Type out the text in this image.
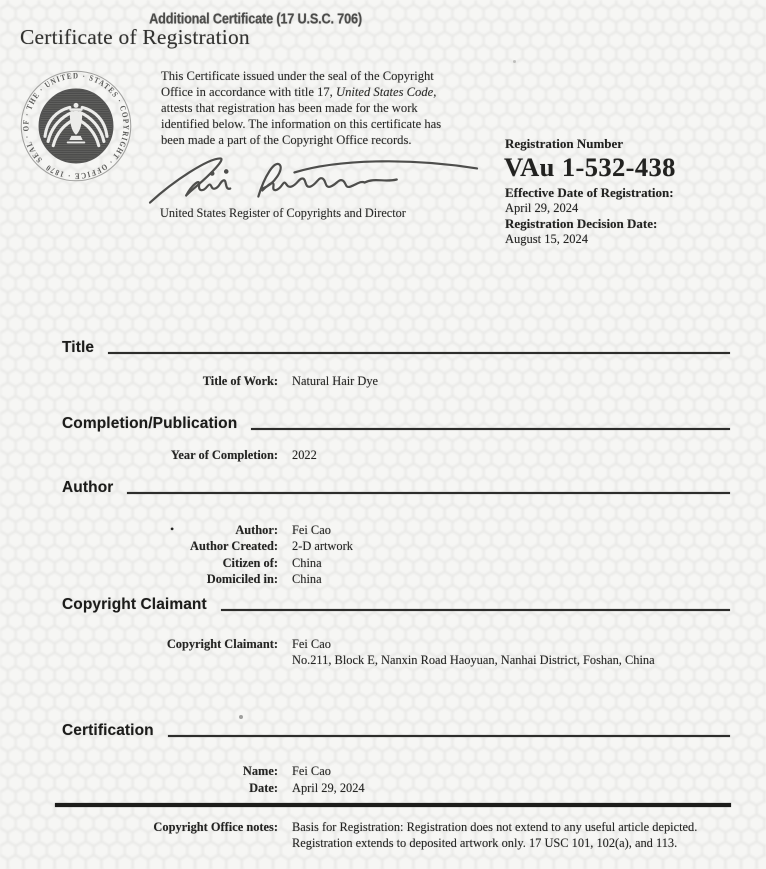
Additional Certificate (17 U.S.C. 706)
Certificate of Registration
SEAL · OF · THE · UNITED · STATES · COPYRIGHT · OFFICE · 1870
This Certificate issued under the seal of the Copyright Office in accordance with title 17, United States Code, attests that registration has been made for the work identified below. The information on this certificate has been made a part of the Copyright Office records.
United States Register of Copyrights and Director
Registration Number
VAu 1-532-438
Effective Date of Registration:
April 29, 2024
Registration Decision Date:
August 15, 2024
Title
Title of Work: Natural Hair Dye
Completion/Publication
Year of Completion: 2022
Author
•	Author: Fei Cao
Author Created: 2-D artwork
Citizen of: China
Domiciled in: China
Copyright Claimant
Copyright Claimant: Fei Cao
No.211, Block E, Nanxin Road Haoyuan, Nanhai District, Foshan, China
Certification
Name: Fei Cao
Date: April 29, 2024
Copyright Office notes: Basis for Registration: Registration does not extend to any useful article depicted. Registration extends to deposited artwork only. 17 USC 101, 102(a), and 113.
